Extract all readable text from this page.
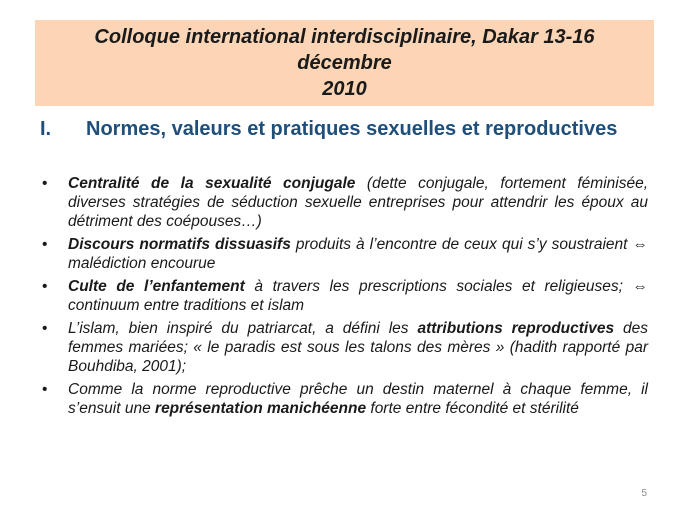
Colloque international interdisciplinaire, Dakar 13-16 décembre
2010
I.	Normes, valeurs et pratiques sexuelles et reproductives
• Centralité de la sexualité conjugale (dette conjugale, fortement féminisée, diverses stratégies de séduction sexuelle entreprises pour attendrir les époux au détriment des coépouses…)
• Discours normatifs dissuasifs produits à l’encontre de ceux qui s’y soustraient ⇔ malédiction encourue
• Culte de l’enfantement à travers les prescriptions sociales et religieuses; ⇔ continuum entre traditions et islam
• L’islam, bien inspiré du patriarcat, a défini les attributions reproductives des femmes mariées; « le paradis est sous les talons des mères » (hadith rapporté par Bouhdiba, 2001);
• Comme la norme reproductive prêche un destin maternel à chaque femme, il s’ensuit une représentation manichéenne forte entre fécondité et stérilité
5
